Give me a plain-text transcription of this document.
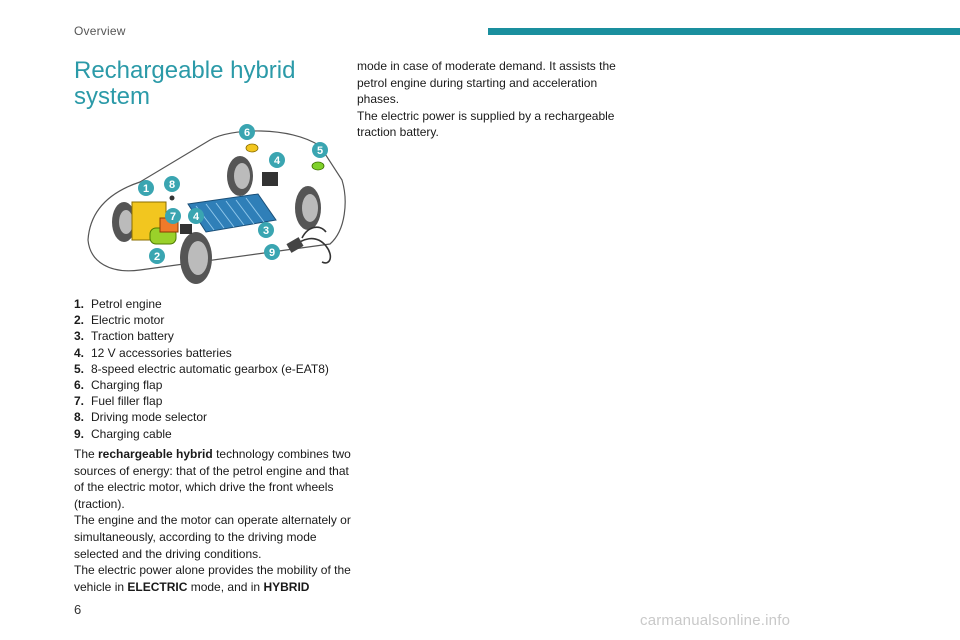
Overview
Rechargeable hybrid system
6
5
4
8
1
7 4
3
2	9
1. Petrol engine
2. Electric motor
3. Traction battery
4. 12 V accessories batteries
5. 8-speed electric automatic gearbox (e-EAT8)
6. Charging flap
7. Fuel filler flap
8. Driving mode selector
9. Charging cable
The rechargeable hybrid technology combines two sources of energy: that of the petrol engine and that of the electric motor, which drive the front wheels (traction).
The engine and the motor can operate alternately or simultaneously, according to the driving mode selected and the driving conditions.
The electric power alone provides the mobility of the vehicle in ELECTRIC mode, and in HYBRID
mode in case of moderate demand. It assists the petrol engine during starting and acceleration phases.
The electric power is supplied by a rechargeable traction battery.
6
carmanualsonline.info
